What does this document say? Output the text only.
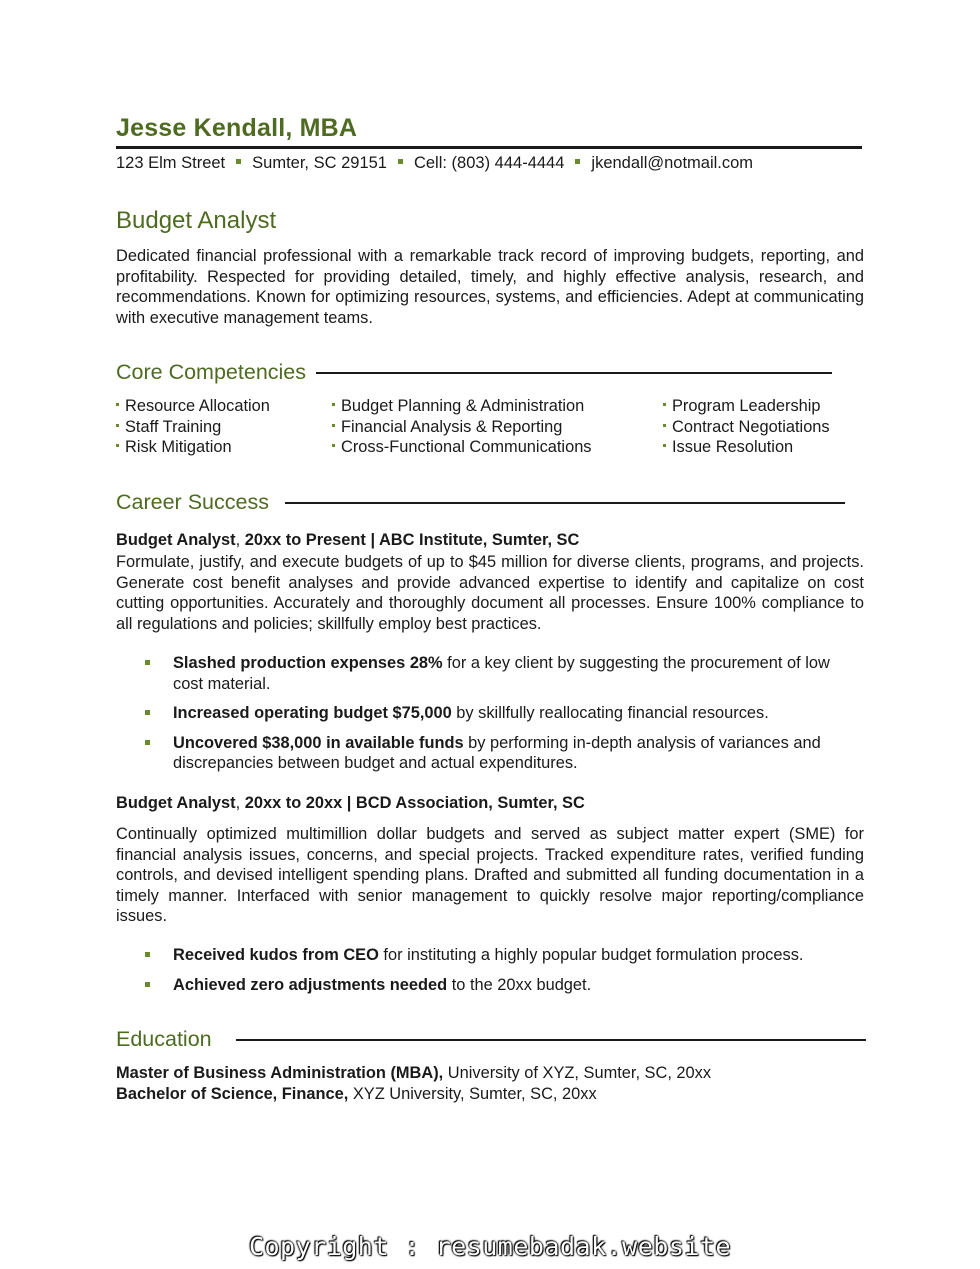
Jesse Kendall, MBA
123 Elm Street Sumter, SC 29151 Cell: (803) 444-4444 jkendall@notmail.com
Budget Analyst
Dedicated financial professional with a remarkable track record of improving budgets, reporting, and profitability. Respected for providing detailed, timely, and highly effective analysis, research, and recommendations. Known for optimizing resources, systems, and efficiencies. Adept at communicating with executive management teams.
Core Competencies
Resource Allocation
Staff Training
Risk Mitigation
Budget Planning & Administration
Financial Analysis & Reporting
Cross-Functional Communications
Program Leadership
Contract Negotiations
Issue Resolution
Career Success
Budget Analyst, 20xx to Present | ABC Institute, Sumter, SC
Formulate, justify, and execute budgets of up to $45 million for diverse clients, programs, and projects. Generate cost benefit analyses and provide advanced expertise to identify and capitalize on cost cutting opportunities. Accurately and thoroughly document all processes. Ensure 100% compliance to all regulations and policies; skillfully employ best practices.
Slashed production expenses 28% for a key client by suggesting the procurement of low cost material.
Increased operating budget $75,000 by skillfully reallocating financial resources.
Uncovered $38,000 in available funds by performing in-depth analysis of variances and discrepancies between budget and actual expenditures.
Budget Analyst, 20xx to 20xx | BCD Association, Sumter, SC
Continually optimized multimillion dollar budgets and served as subject matter expert (SME) for financial analysis issues, concerns, and special projects. Tracked expenditure rates, verified funding controls, and devised intelligent spending plans. Drafted and submitted all funding documentation in a timely manner. Interfaced with senior management to quickly resolve major reporting/compliance issues.
Received kudos from CEO for instituting a highly popular budget formulation process.
Achieved zero adjustments needed to the 20xx budget.
Education
Master of Business Administration (MBA), University of XYZ, Sumter, SC, 20xx
Bachelor of Science, Finance, XYZ University, Sumter, SC, 20xx
Copyright : resumebadak.website
